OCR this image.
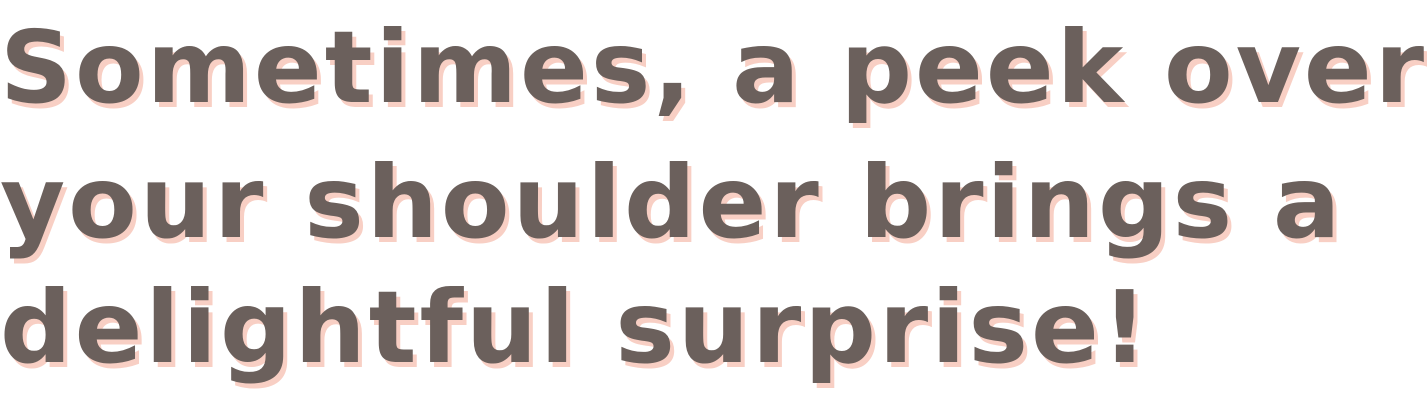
Sometimes, a peek over
your shoulder brings a
delightful surprise!
